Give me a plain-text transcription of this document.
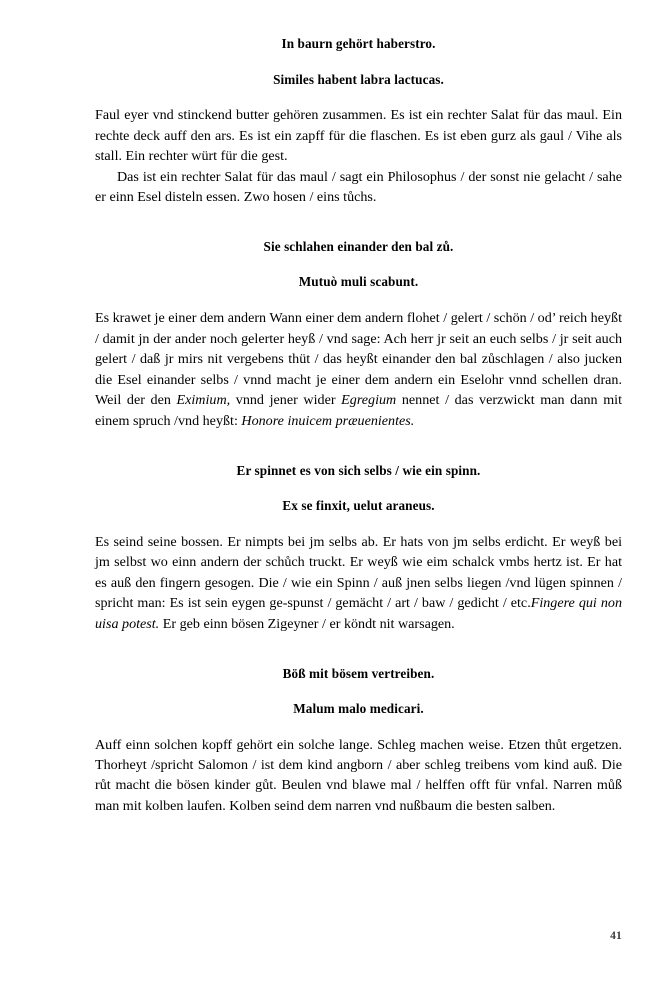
In baurn gehört haberstro.

Similes habent labra lactucas.

Faul eyer vnd stinckend butter gehören zusammen. Es ist ein rechter Salat für das maul. Ein rechte deck auff den ars. Es ist ein zapff für die flaschen. Es ist eben gurz als gaul / Vihe als stall. Ein rechter würt für die gest.

Das ist ein rechter Salat für das maul / sagt ein Philosophus / der sonst nie gelacht / sahe er einn Esel disteln essen. Zwo hosen / eins tůchs.

Sie schlahen einander den bal zů.

Mutuò muli scabunt.

Es krawet je einer dem andern Wann einer dem andern flohet / gelert / schön / od’ reich heyßt / damit jn der ander noch gelerter heyß / vnd sage: Ach herr jr seit an euch selbs / jr seit auch gelert / daß jr mirs nit vergebens thüt / das heyßt einander den bal zůschlagen / also jucken die Esel einander selbs / vnnd macht je einer dem andern ein Eselohr vnnd schellen dran. Weil der den Eximium, vnnd jener wider Egregium nennet / das verzwickt man dann mit einem spruch /vnd heyßt: Honore inuicem præuenientes.

Er spinnet es von sich selbs / wie ein spinn.

Ex se finxit, uelut araneus.

Es seind seine bossen. Er nimpts bei jm selbs ab. Er hats von jm selbs erdicht. Er weyß bei jm selbst wo einn andern der schůch truckt. Er weyß wie eim schalck vmbs hertz ist. Er hat es auß den fingern gesogen. Die / wie ein Spinn / auß jnen selbs liegen /vnd lügen spinnen / spricht man: Es ist sein eygen ge-spunst / gemächt / art / baw / gedicht / etc.Fingere qui non uisa potest. Er geb einn bösen Zigeyner / er köndt nit warsagen.

Böß mit bösem vertreiben.

Malum malo medicari.

Auff einn solchen kopff gehört ein solche lange. Schleg machen weise. Etzen thůt ergetzen. Thorheyt /spricht Salomon / ist dem kind angborn / aber schleg treibens vom kind auß. Die růt macht die bösen kinder gůt. Beulen vnd blawe mal / helffen offt für vnfal. Narren můß man mit kolben laufen. Kolben seind dem narren vnd nußbaum die besten salben.

41
